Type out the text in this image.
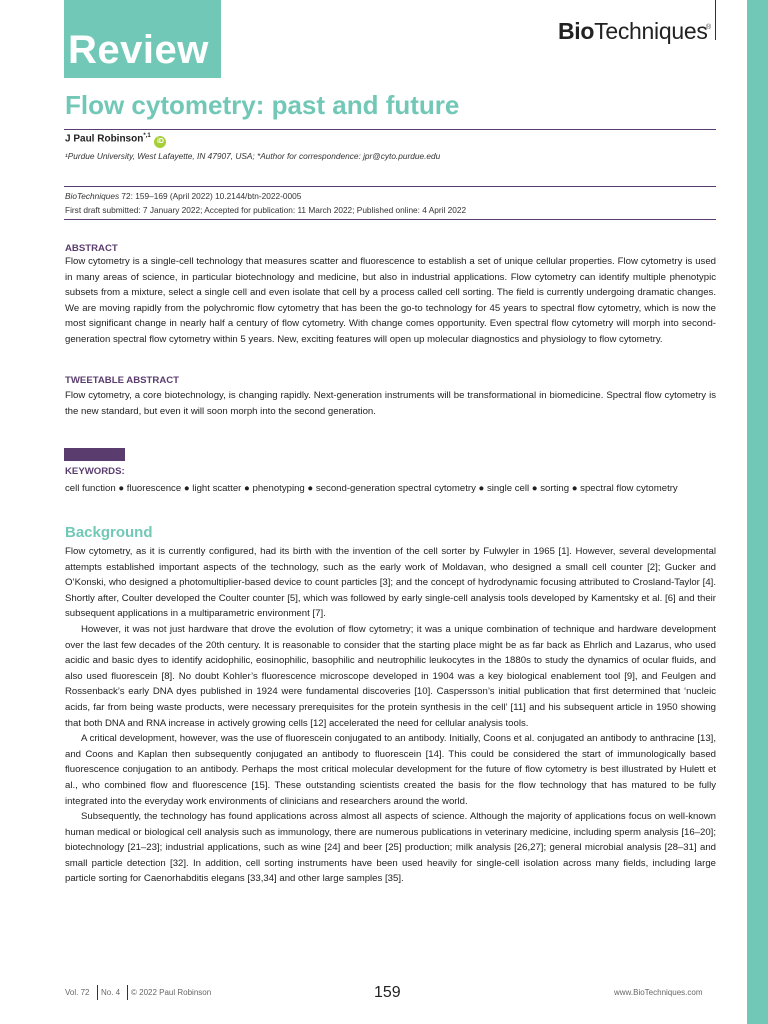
Review	BioTechniques
®
Flow cytometry: past and future
J Paul Robinson$^{*,1}$ iD
¹Purdue University, West Lafayette, IN 47907, USA; *Author for correspondence: jpr@cyto.purdue.edu
BioTechniques 72: 159–169 (April 2022) 10.2144/btn-2022-0005
First draft submitted: 7 January 2022; Accepted for publication: 11 March 2022; Published online: 4 April 2022
ABSTRACT
Flow cytometry is a single-cell technology that measures scatter and fluorescence to establish a set of unique cellular properties. Flow cytometry is used in many areas of science, in particular biotechnology and medicine, but also in industrial applications. Flow cytometry can identify multiple phenotypic subsets from a mixture, select a single cell and even isolate that cell by a process called cell sorting. The field is currently undergoing dramatic changes. We are moving rapidly from the polychromic flow cytometry that has been the go-to technology for 45 years to spectral flow cytometry, which is now the most significant change in nearly half a century of flow cytometry. With change comes opportunity. Even spectral flow cytometry will morph into second-generation spectral flow cytometry within 5 years. New, exciting features will open up molecular diagnostics and physiology to flow cytometry.
TWEETABLE ABSTRACT
Flow cytometry, a core biotechnology, is changing rapidly. Next-generation instruments will be transformational in biomedicine. Spectral flow cytometry is the new standard, but even it will soon morph into the second generation.
KEYWORDS:
cell function ● fluorescence ● light scatter ● phenotyping ● second-generation spectral cytometry ● single cell ● sorting ● spectral flow cytometry
Background

Flow cytometry, as it is currently configured, had its birth with the invention of the cell sorter by Fulwyler in 1965 [1]. However, several developmental attempts established important aspects of the technology, such as the early work of Moldavan, who designed a small cell counter [2]; Gucker and O’Konski, who designed a photomultiplier-based device to count particles [3]; and the concept of hydrodynamic focusing attributed to Crosland-Taylor [4]. Shortly after, Coulter developed the Coulter counter [5], which was followed by early single-cell analysis tools developed by Kamentsky et al. [6] and their subsequent applications in a multiparametric environment [7].

However, it was not just hardware that drove the evolution of flow cytometry; it was a unique combination of technique and hardware development over the last few decades of the 20th century. It is reasonable to consider that the starting place might be as far back as Ehrlich and Lazarus, who used acidic and basic dyes to identify acidophilic, eosinophilic, basophilic and neutrophilic leukocytes in the 1880s to study the dynamics of ocular fluids, and also used fluorescein [8]. No doubt Kohler’s fluorescence microscope developed in 1904 was a key biological enablement tool [9], and Feulgen and Rossenback’s early DNA dyes published in 1924 were fundamental discoveries [10]. Caspersson’s initial publication that first determined that ‘nucleic acids, far from being waste products, were necessary prerequisites for the protein synthesis in the cell’ [11] and his subsequent article in 1950 showing that both DNA and RNA increase in actively growing cells [12] accelerated the need for cellular analysis tools.

A critical development, however, was the use of fluorescein conjugated to an antibody. Initially, Coons et al. conjugated an antibody to anthracine [13], and Coons and Kaplan then subsequently conjugated an antibody to fluorescein [14]. This could be considered the start of immunologically based fluorescence conjugation to an antibody. Perhaps the most critical molecular development for the future of flow cytometry is best illustrated by Hulett et al., who combined flow and fluorescence [15]. These outstanding scientists created the basis for the flow technology that has matured to be fully integrated into the everyday work environments of clinicians and researchers around the world.

Subsequently, the technology has found applications across almost all aspects of science. Although the majority of applications focus on well-known human medical or biological cell analysis such as immunology, there are numerous publications in veterinary medicine, including sperm analysis [16–20]; biotechnology [21–23]; industrial applications, such as wine [24] and beer [25] production; milk analysis [26,27]; general microbial analysis [28–31] and small particle detection [32]. In addition, cell sorting instruments have been used heavily for single-cell isolation across many fields, including large particle sorting for Caenorhabditis elegans [33,34] and other large samples [35].

Vol. 72 No. 4 © 2022 Paul Robinson	159	www.BioTechniques.com
